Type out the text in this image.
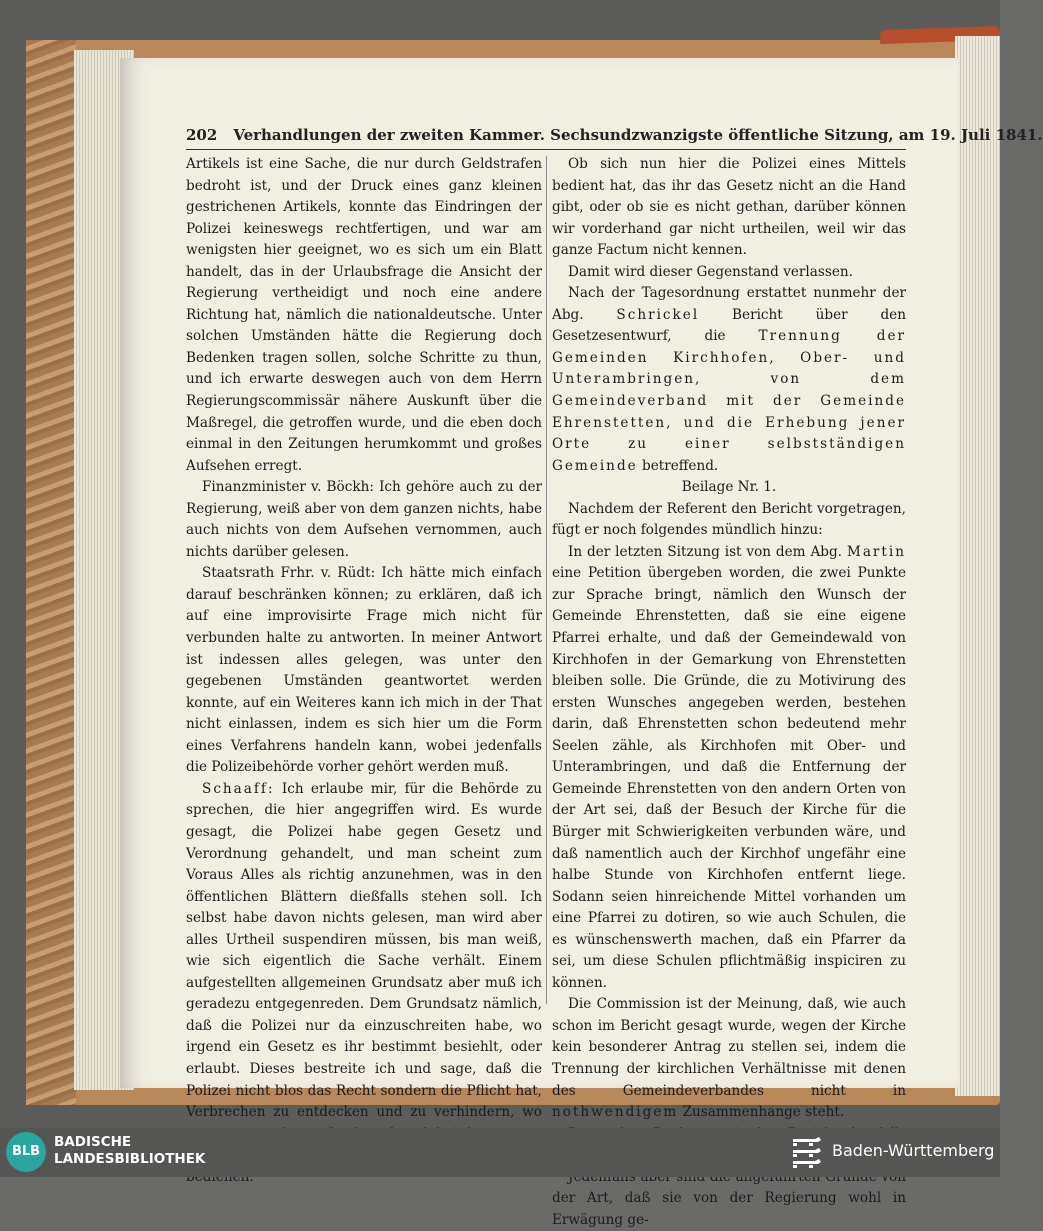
202 Verhandlungen der zweiten Kammer. Sechsundzwanzigste öffentliche Sitzung, am 19. Juli 1841.

Artikels ist eine Sache, die nur durch Geldstrafen bedroht ist, und der Druck eines ganz kleinen gestrichenen Artikels, konnte das Eindringen der Polizei keineswegs rechtfertigen, und war am wenigsten hier geeignet, wo es sich um ein Blatt handelt, das in der Urlaubsfrage die Ansicht der Regierung vertheidigt und noch eine andere Richtung hat, nämlich die nationaldeutsche. Unter solchen Umständen hätte die Regierung doch Bedenken tragen sollen, solche Schritte zu thun, und ich erwarte deswegen auch von dem Herrn Regierungscommissär nähere Auskunft über die Maßregel, die getroffen wurde, und die eben doch einmal in den Zeitungen herumkommt und großes Aufsehen erregt.

Finanzminister v. Böckh: Ich gehöre auch zu der Regierung, weiß aber von dem ganzen nichts, habe auch nichts von dem Aufsehen vernommen, auch nichts darüber gelesen.

Staatsrath Frhr. v. Rüdt: Ich hätte mich einfach darauf beschränken können; zu erklären, daß ich auf eine improvisirte Frage mich nicht für verbunden halte zu antworten. In meiner Antwort ist indessen alles gelegen, was unter den gegebenen Umständen geantwortet werden konnte, auf ein Weiteres kann ich mich in der That nicht einlassen, indem es sich hier um die Form eines Verfahrens handeln kann, wobei jedenfalls die Polizeibehörde vorher gehört werden muß.

Schaaff: Ich erlaube mir, für die Behörde zu sprechen, die hier angegriffen wird. Es wurde gesagt, die Polizei habe gegen Gesetz und Verordnung gehandelt, und man scheint zum Voraus Alles als richtig anzunehmen, was in den öffentlichen Blättern dießfalls stehen soll. Ich selbst habe davon nichts gelesen, man wird aber alles Urtheil suspendiren müssen, bis man weiß, wie sich eigentlich die Sache verhält. Einem aufgestellten allgemeinen Grundsatz aber muß ich geradezu entgegenreden. Dem Grundsatz nämlich, daß die Polizei nur da einzuschreiten habe, wo irgend ein Gesetz es ihr bestimmt besiehlt, oder erlaubt. Dieses bestreite ich und sage, daß die Polizei nicht blos das Recht sondern die Pflicht hat, Verbrechen zu entdecken und zu verhindern, wo

Ob sich nun hier die Polizei eines Mittels bedient hat, das ihr das Gesetz nicht an die Hand gibt, oder ob sie es nicht gethan, darüber können wir vorderhand gar nicht urtheilen, weil wir das ganze Factum nicht kennen.

Damit wird dieser Gegenstand verlassen.

Nach der Tagesordnung erstattet nunmehr der Abg. Schrickel Bericht über den Gesetzesentwurf, die Trennung der Gemeinden Kirchhofen, Ober- und Unterambringen, von dem Gemeindeverband mit der Gemeinde Ehrenstetten, und die Erhebung jener Orte zu einer selbstständigen Gemeinde betreffend.

Beilage Nr. 1.

Nachdem der Referent den Bericht vorgetragen, fügt er noch folgendes mündlich hinzu:

In der letzten Sitzung ist von dem Abg. Martin eine Petition übergeben worden, die zwei Punkte zur Sprache bringt, nämlich den Wunsch der Gemeinde Ehrenstetten, daß sie eine eigene Pfarrei erhalte, und daß der Gemeindewald von Kirchhofen in der Gemarkung von Ehrenstetten bleiben solle. Die Gründe, die zu Motivirung des ersten Wunsches angegeben werden, bestehen darin, daß Ehrenstetten schon bedeutend mehr Seelen zähle, als Kirchhofen mit Ober- und Unterambringen, und daß die Entfernung der Gemeinde Ehrenstetten von den andern Orten von der Art sei, daß der Besuch der Kirche für die Bürger mit Schwierigkeiten verbunden wäre, und daß namentlich auch der Kirchhof ungefähr eine halbe Stunde von Kirchhofen entfernt liege. Sodann seien hinreichende Mittel vorhanden um eine Pfarrei zu dotiren, so wie auch Schulen, die es wünschenswerth machen, daß ein Pfarrer da sei, um diese Schulen pflichtmäßig inspiciren zu können.

Die Commission ist der Meinung, daß, wie auch schon im Bericht gesagt wurde, wegen der Kirche kein besonderer Antrag zu stellen sei, indem die Trennung der kirchlichen Verhältnisse mit denen des Gemeindeverbandes nicht in nothwendigem Zusammenhange steht.

der Art, daß sie von der Regierung wohl in Erwägung ge-

BLB
BADISCHE
LANDESBIBLIOTHEK	Baden-Württemberg
